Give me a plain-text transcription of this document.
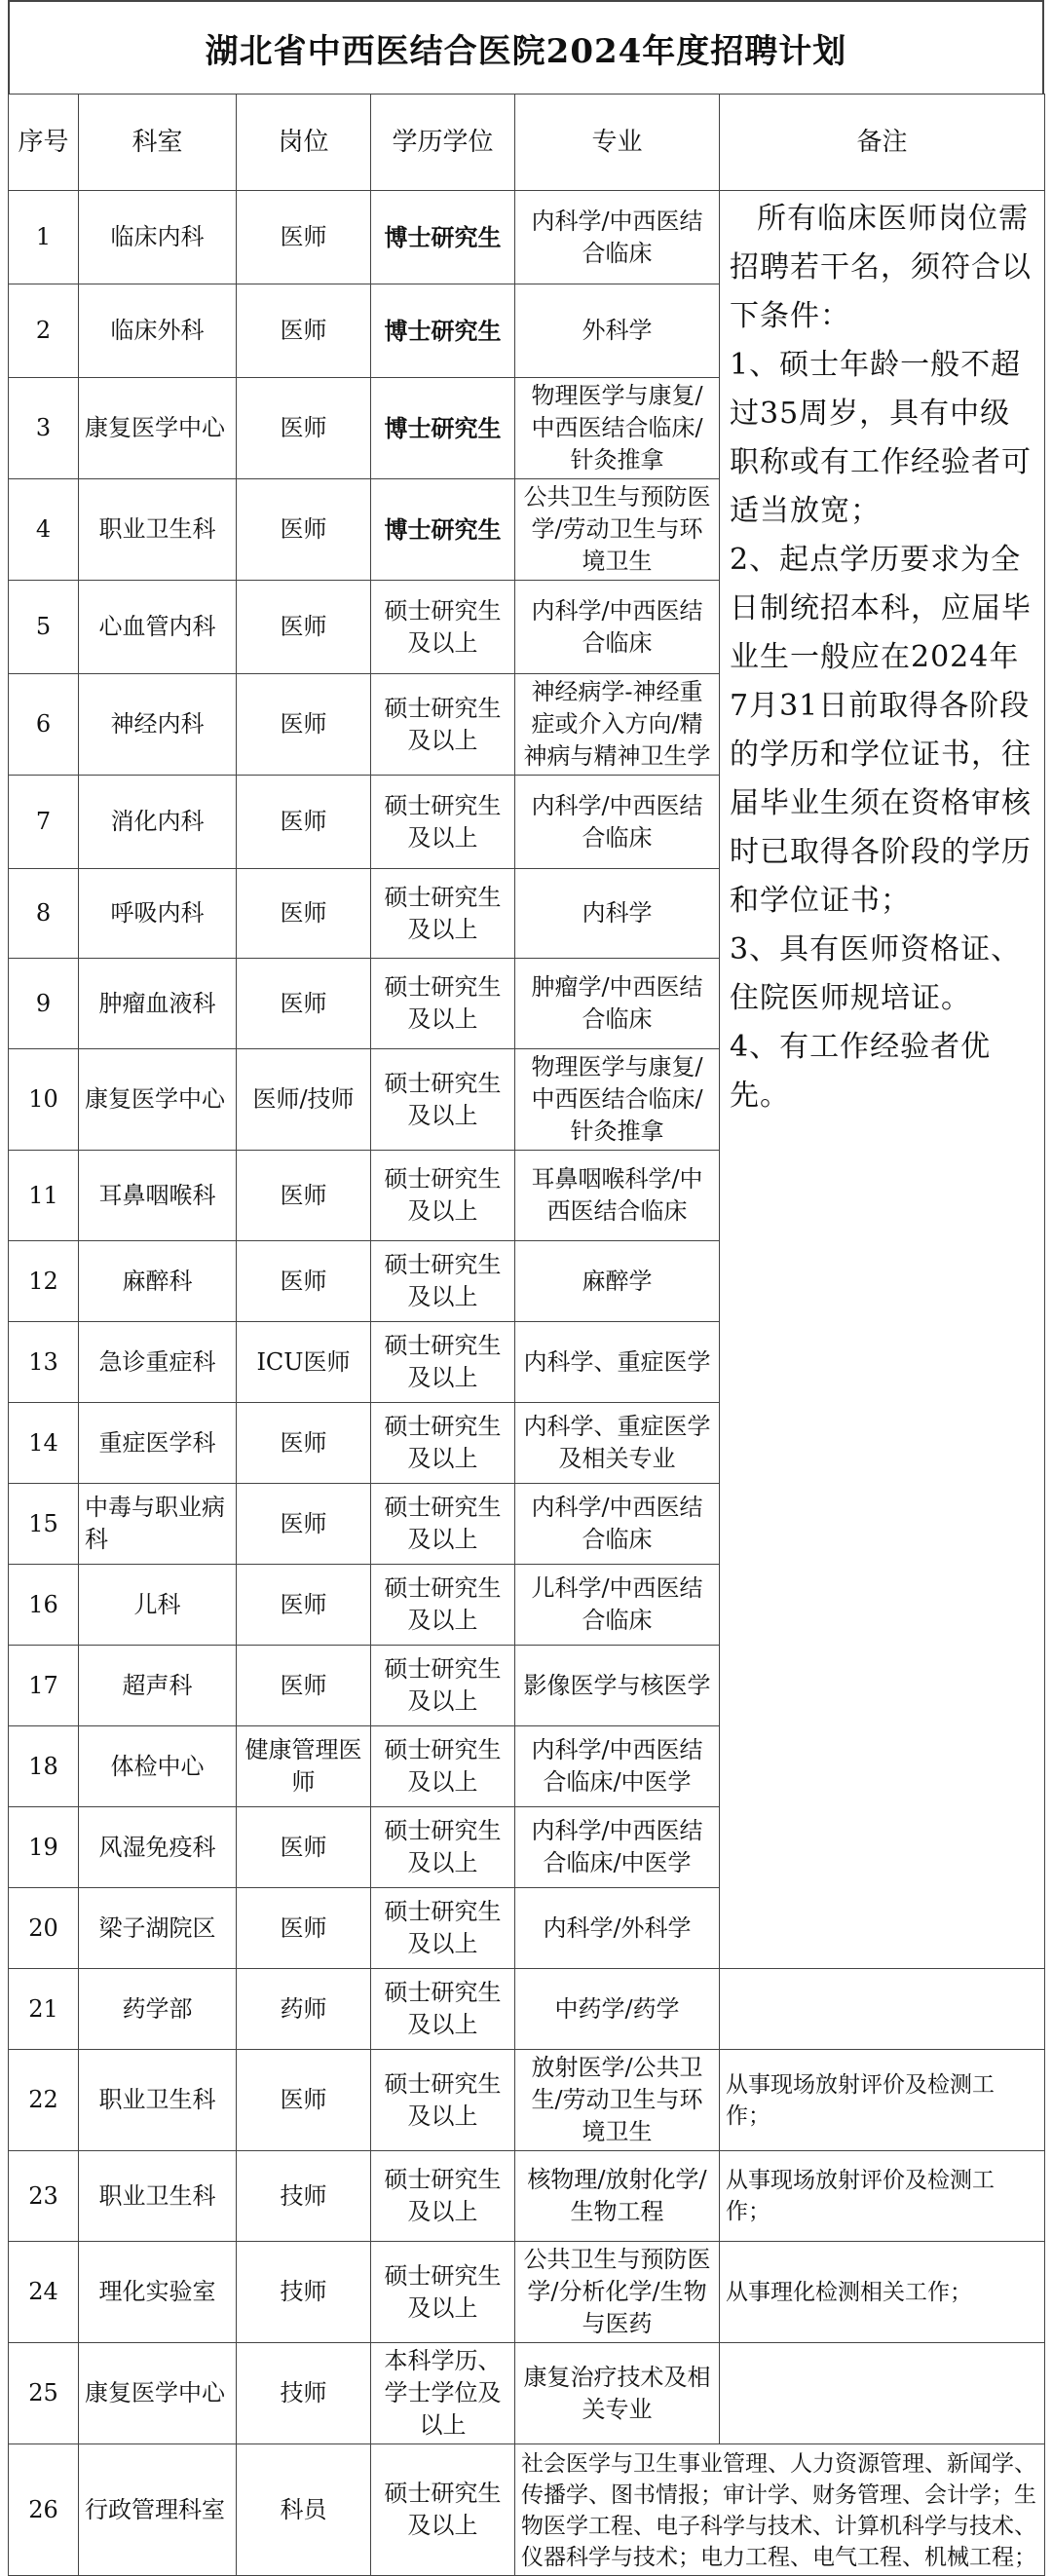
湖北省中西医结合医院2024年度招聘计划
序号	科室	岗位	学历学位	专业	备注

1	临床内科	医师	博士研究生	内科学/中西医结合临床	所有临床医师岗位需招聘若干名，须符合以下条件：
1、硕士年龄一般不超过35周岁，具有中级职称或有工作经验者可适当放宽；
2、起点学历要求为全日制统招本科，应届毕业生一般应在2024年7月31日前取得各阶段的学历和学位证书，往届毕业生须在资格审核时已取得各阶段的学历和学位证书；
3、具有医师资格证、住院医师规培证。
4、有工作经验者优先。

2	临床外科	医师	博士研究生	外科学	

3	康复医学中心	医师	博士研究生	物理医学与康复/中西医结合临床/针灸推拿	

4	职业卫生科	医师	博士研究生	公共卫生与预防医学/劳动卫生与环境卫生	

5	心血管内科	医师	硕士研究生及以上	内科学/中西医结合临床	

6	神经内科	医师	硕士研究生及以上	神经病学-神经重症或介入方向/精神病与精神卫生学	

7	消化内科	医师	硕士研究生及以上	内科学/中西医结合临床	

8	呼吸内科	医师	硕士研究生及以上	内科学	

9	肿瘤血液科	医师	硕士研究生及以上	肿瘤学/中西医结合临床	

10	康复医学中心	医师/技师	硕士研究生及以上	物理医学与康复/中西医结合临床/针灸推拿	

11	耳鼻咽喉科	医师	硕士研究生及以上	耳鼻咽喉科学/中西医结合临床	

12	麻醉科	医师	硕士研究生及以上	麻醉学	

13	急诊重症科	ICU医师	硕士研究生及以上	内科学、重症医学	

14	重症医学科	医师	硕士研究生及以上	内科学、重症医学及相关专业	

15	中毒与职业病科	医师	硕士研究生及以上	内科学/中西医结合临床	

16	儿科	医师	硕士研究生及以上	儿科学/中西医结合临床	

17	超声科	医师	硕士研究生及以上	影像医学与核医学	

18	体检中心	健康管理医师	硕士研究生及以上	内科学/中西医结合临床/中医学	

19	风湿免疫科	医师	硕士研究生及以上	内科学/中西医结合临床/中医学	

20	梁子湖院区	医师	硕士研究生及以上	内科学/外科学	

21	药学部	药师	硕士研究生及以上	中药学/药学	

22	职业卫生科	医师	硕士研究生及以上	放射医学/公共卫生/劳动卫生与环境卫生	从事现场放射评价及检测工作；

23	职业卫生科	技师	硕士研究生及以上	核物理/放射化学/生物工程	从事现场放射评价及检测工作；

24	理化实验室	技师	硕士研究生及以上	公共卫生与预防医学/分析化学/生物与医药	从事理化检测相关工作；

25	康复医学中心	技师	本科学历、学士学位及以上	康复治疗技术及相关专业	

26	行政管理科室	科员	硕士研究生及以上	社会医学与卫生事业管理、人力资源管理、新闻学、传播学、图书情报；审计学、财务管理、会计学；生物医学工程、电子科学与技术、计算机科学与技术、仪器科学与技术；电力工程、电气工程、机械工程；	
